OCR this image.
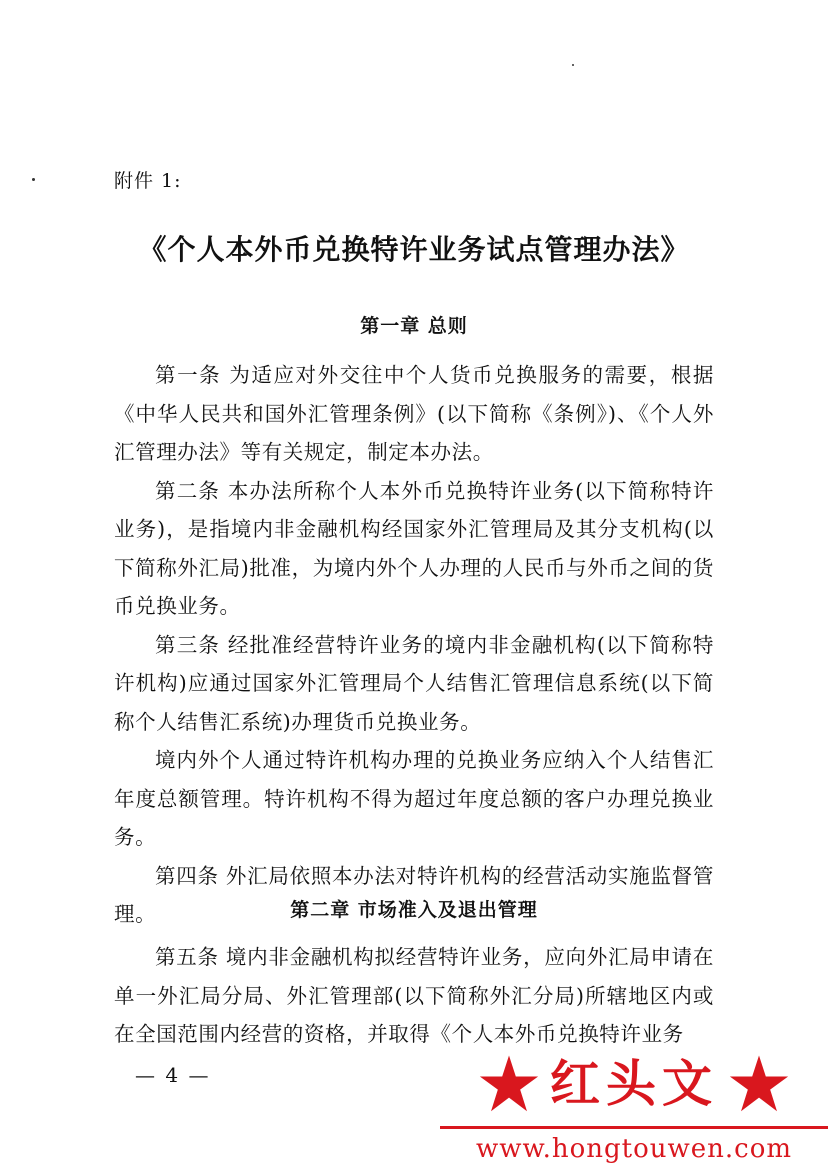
附件 1:
《个人本外币兑换特许业务试点管理办法》
第一章 总则

第一条 为适应对外交往中个人货币兑换服务的需要，根据《中华人民共和国外汇管理条例》(以下简称《条例》)、《个人外汇管理办法》等有关规定，制定本办法。

第二条 本办法所称个人本外币兑换特许业务(以下简称特许业务)，是指境内非金融机构经国家外汇管理局及其分支机构(以下简称外汇局)批准，为境内外个人办理的人民币与外币之间的货币兑换业务。

第三条 经批准经营特许业务的境内非金融机构(以下简称特许机构)应通过国家外汇管理局个人结售汇管理信息系统(以下简称个人结售汇系统)办理货币兑换业务。

境内外个人通过特许机构办理的兑换业务应纳入个人结售汇年度总额管理。特许机构不得为超过年度总额的客户办理兑换业务。

第四条 外汇局依照本办法对特许机构的经营活动实施监督管理。	第二章 市场准入及退出管理

第五条 境内非金融机构拟经营特许业务，应向外汇局申请在单一外汇局分局、外汇管理部(以下简称外汇分局)所辖地区内或在全国范围内经营的资格，并取得《个人本外币兑换特许业务

— 4 —	红头文
www.hongtouwen.com
